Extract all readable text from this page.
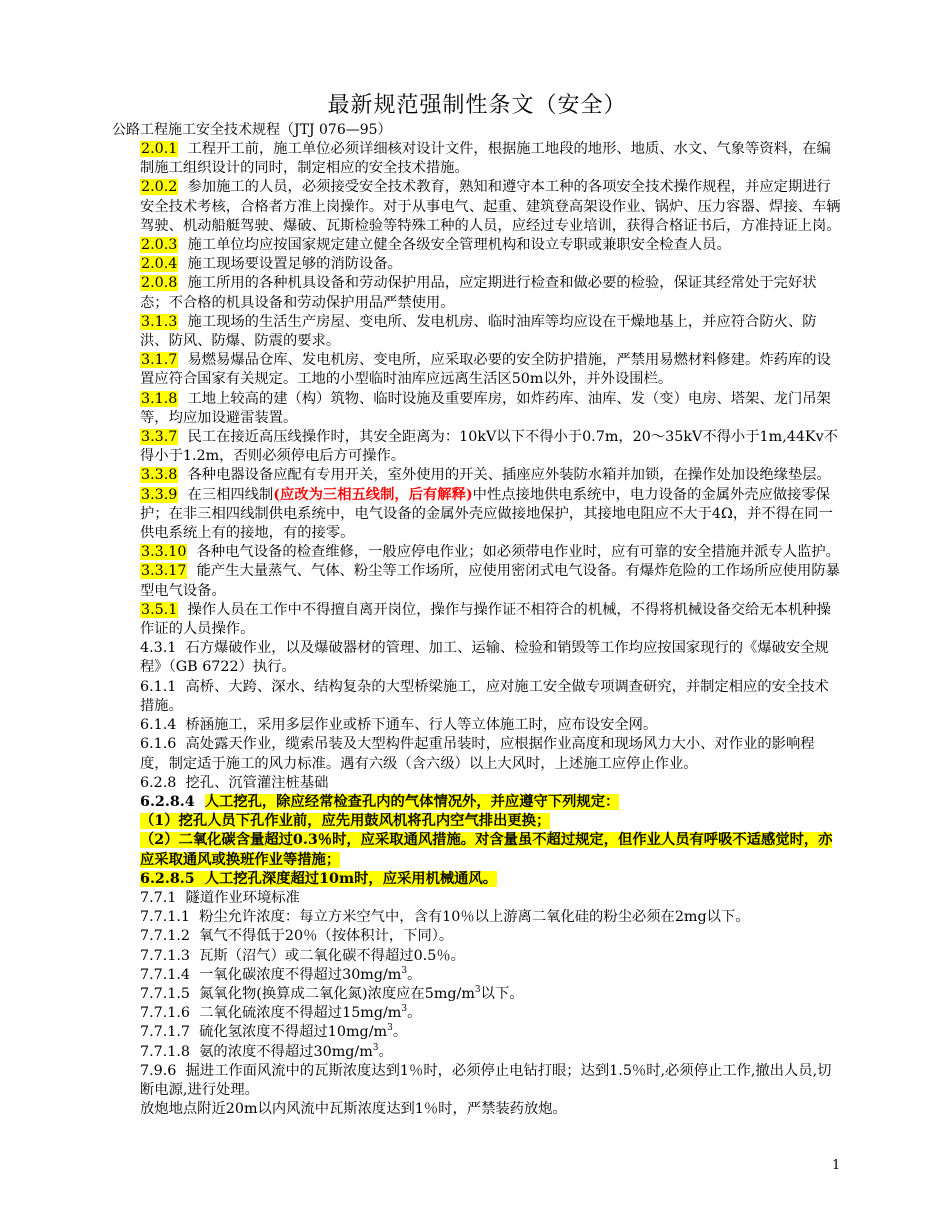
最新规范强制性条文（安全）
公路工程施工安全技术规程（JTJ 076—95）

2.0.1 工程开工前，施工单位必须详细核对设计文件，根据施工地段的地形、地质、水文、气象等资料，在编制施工组织设计的同时，制定相应的安全技术措施。

2.0.2 参加施工的人员，必须接受安全技术教育，熟知和遵守本工种的各项安全技术操作规程，并应定期进行安全技术考核，合格者方准上岗操作。对于从事电气、起重、建筑登高架设作业、锅炉、压力容器、焊接、车辆驾驶、机动船艇驾驶、爆破、瓦斯检验等特殊工种的人员，应经过专业培训，获得合格证书后，方准持证上岗。

2.0.3 施工单位均应按国家规定建立健全各级安全管理机构和设立专职或兼职安全检查人员。

2.0.4 施工现场要设置足够的消防设备。

2.0.8 施工所用的各种机具设备和劳动保护用品，应定期进行检查和做必要的检验，保证其经常处于完好状态；不合格的机具设备和劳动保护用品严禁使用。

3.1.3 施工现场的生活生产房屋、变电所、发电机房、临时油库等均应设在干燥地基上，并应符合防火、防洪、防风、防爆、防震的要求。

3.1.7 易燃易爆品仓库、发电机房、变电所，应采取必要的安全防护措施，严禁用易燃材料修建。炸药库的设置应符合国家有关规定。工地的小型临时油库应远离生活区50m以外，并外设围栏。

3.1.8 工地上较高的建（构）筑物、临时设施及重要库房，如炸药库、油库、发（变）电房、塔架、龙门吊架等，均应加设避雷装置。

3.3.7 民工在接近高压线操作时，其安全距离为：10kV以下不得小于0.7m，20～35kV不得小于1m,44Kv不得小于1.2m，否则必须停电后方可操作。

3.3.8 各种电器设备应配有专用开关，室外使用的开关、插座应外装防水箱并加锁，在操作处加设绝缘垫层。

3.3.9 在三相四线制(应改为三相五线制，后有解释)中性点接地供电系统中，电力设备的金属外壳应做接零保护；在非三相四线制供电系统中，电气设备的金属外壳应做接地保护，其接地电阻应不大于4Ω，并不得在同一供电系统上有的接地，有的接零。

3.3.10 各种电气设备的检查维修，一般应停电作业；如必须带电作业时，应有可靠的安全措施并派专人监护。

3.3.17 能产生大量蒸气、气体、粉尘等工作场所，应使用密闭式电气设备。有爆炸危险的工作场所应使用防暴型电气设备。

3.5.1 操作人员在工作中不得擅自离开岗位，操作与操作证不相符合的机械，不得将机械设备交给无本机种操作证的人员操作。

4.3.1 石方爆破作业，以及爆破器材的管理、加工、运输、检验和销毁等工作均应按国家现行的《爆破安全规程》（GB 6722）执行。

6.1.1 高桥、大跨、深水、结构复杂的大型桥梁施工，应对施工安全做专项调查研究，并制定相应的安全技术措施。

6.1.4 桥涵施工，采用多层作业或桥下通车、行人等立体施工时，应布设安全网。

6.1.6 高处露天作业，缆索吊装及大型构件起重吊装时，应根据作业高度和现场风力大小、对作业的影响程度，制定适于施工的风力标准。遇有六级（含六级）以上大风时，上述施工应停止作业。

6.2.8 挖孔、沉管灌注桩基础

6.2.8.4 人工挖孔，除应经常检查孔内的气体情况外，并应遵守下列规定：

（1）挖孔人员下孔作业前，应先用鼓风机将孔内空气排出更换；

（2）二氧化碳含量超过0.3％时，应采取通风措施。对含量虽不超过规定，但作业人员有呼吸不适感觉时，亦应采取通风或换班作业等措施；

6.2.8.5 人工挖孔深度超过10m时，应采用机械通风。

7.7.1 隧道作业环境标准

7.7.1.1 粉尘允许浓度：每立方米空气中，含有10％以上游离二氧化硅的粉尘必须在2mg以下。

7.7.1.2 氧气不得低于20％（按体积计，下同）。

7.7.1.3 瓦斯（沼气）或二氧化碳不得超过0.5％。

7.7.1.4 一氧化碳浓度不得超过$30mg/m^3$。

7.7.1.5 氮氧化物(换算成二氧化氮)浓度应在$5mg/m^3$以下。

7.7.1.6 二氧化硫浓度不得超过$15mg/m^3$。

7.7.1.7 硫化氢浓度不得超过$10mg/m^3$。

7.7.1.8 氨的浓度不得超过$30mg/m^3$。

7.9.6 掘进工作面风流中的瓦斯浓度达到1％时，必须停止电钻打眼；达到1.5％时,必须停止工作,撤出人员,切断电源,进行处理。

放炮地点附近20m以内风流中瓦斯浓度达到1％时，严禁装药放炮。

1
